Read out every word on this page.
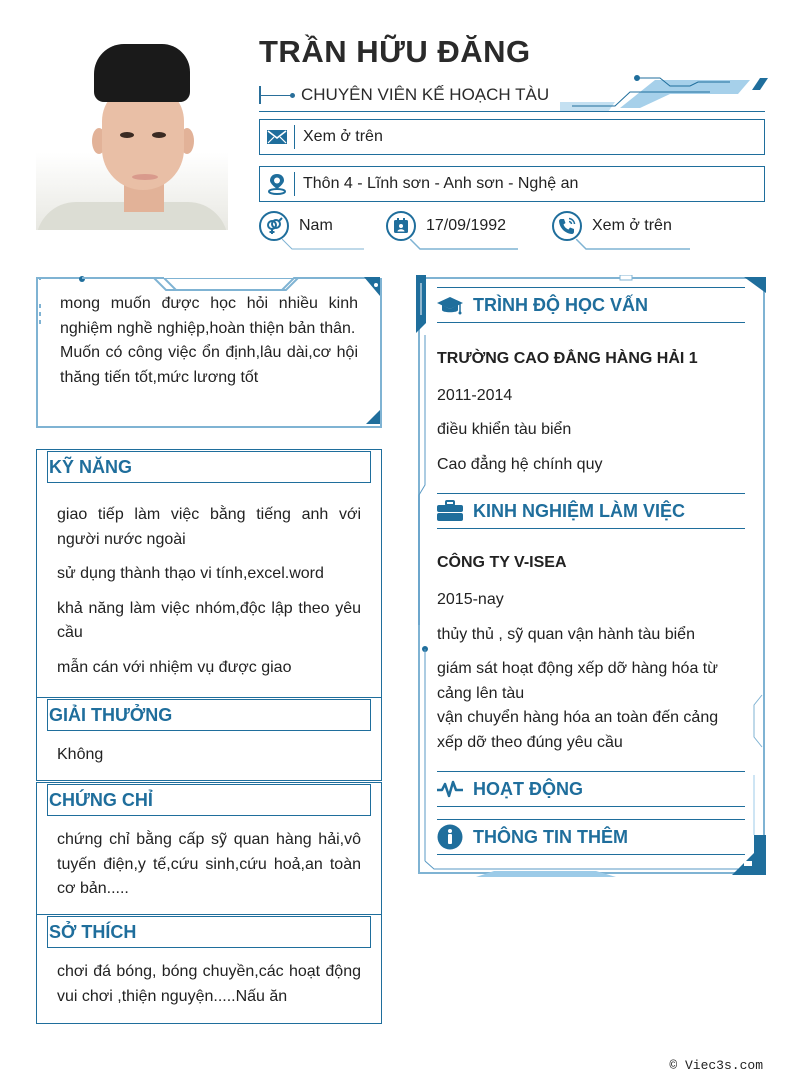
TRẦN HỮU ĐĂNG
CHUYÊN VIÊN KẾ HOẠCH TÀU
Xem ở trên
Thôn 4 - Lĩnh sơn - Anh sơn - Nghệ an
Nam	17/09/1992	Xem ở trên
mong muốn được học hỏi nhiều kinh nghiệm nghề nghiệp,hoàn thiện bản thân.
Muốn có công việc ổn định,lâu dài,cơ hội thăng tiến tốt,mức lương tốt
KỸ NĂNG

giao tiếp làm việc bằng tiếng anh với người nước ngoài

sử dụng thành thạo vi tính,excel.word

khả năng làm việc nhóm,độc lập theo yêu cầu

mẫn cán với nhiệm vụ được giao

GIẢI THƯỞNG

Không

CHỨNG CHỈ

chứng chỉ bằng cấp sỹ quan hàng hải,vô tuyến điện,y tế,cứu sinh,cứu hoả,an toàn cơ bản.....

SỞ THÍCH

chơi đá bóng, bóng chuyền,các hoạt động vui chơi ,thiện nguyện.....Nấu ăn

TRÌNH ĐỘ HỌC VẤN
TRƯỜNG CAO ĐẲNG HÀNG HẢI 1
2011-2014
điều khiển tàu biển
Cao đẳng hệ chính quy
KINH NGHIỆM LÀM VIỆC
CÔNG TY V-ISEA
2015-nay
thủy thủ , sỹ quan vận hành tàu biển
giám sát hoạt động xếp dỡ hàng hóa từ cảng lên tàu
vận chuyển hàng hóa an toàn đến cảng xếp dỡ theo đúng yêu cầu
HOẠT ĐỘNG
THÔNG TIN THÊM
© Viec3s.com
